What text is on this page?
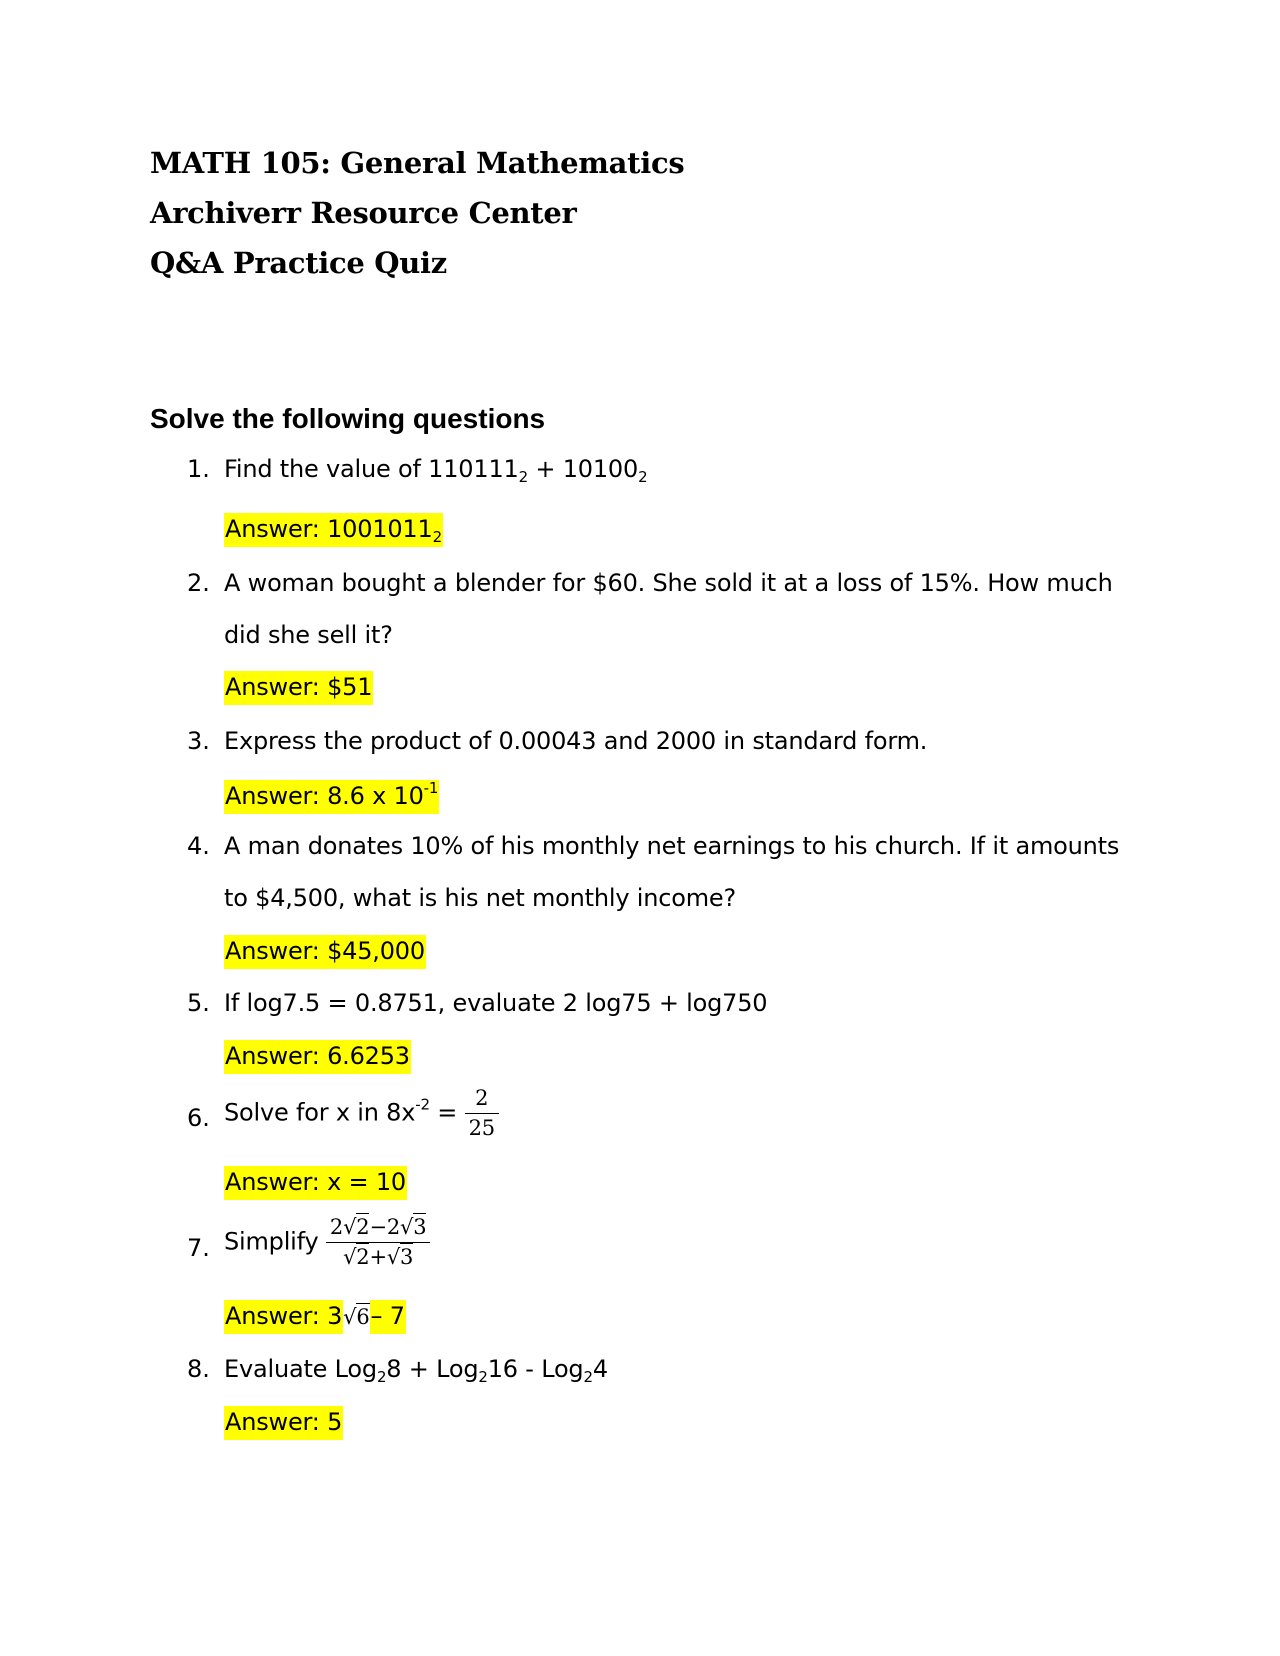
MATH 105: General Mathematics
Archiverr Resource Center
Q&A Practice Quiz
Solve the following questions
1. Find the value of $110111_2 + 10100_2$
Answer: $1001011_2$
2. A woman bought a blender for $60. She sold it at a loss of 15%. How much
did she sell it?
Answer: $51
3. Express the product of 0.00043 and 2000 in standard form.
Answer: 8.6 x $10^{-1}$
4. A man donates 10% of his monthly net earnings to his church. If it amounts
to $4,500, what is his net monthly income?
Answer: $45,000
5. If log7.5 = 0.8751, evaluate 2 log75 + log750
Answer: 6.6253
6. Solve for x in $8x^{-2} = \frac{2}{25}$
Answer: x = 10
7. Simplify $\frac{2√2-2√3}{√2+√3}$
Answer: 3√6– 7
8. Evaluate Log$_2$8 + Log$_2$16 - Log$_2$4
Answer: 5
